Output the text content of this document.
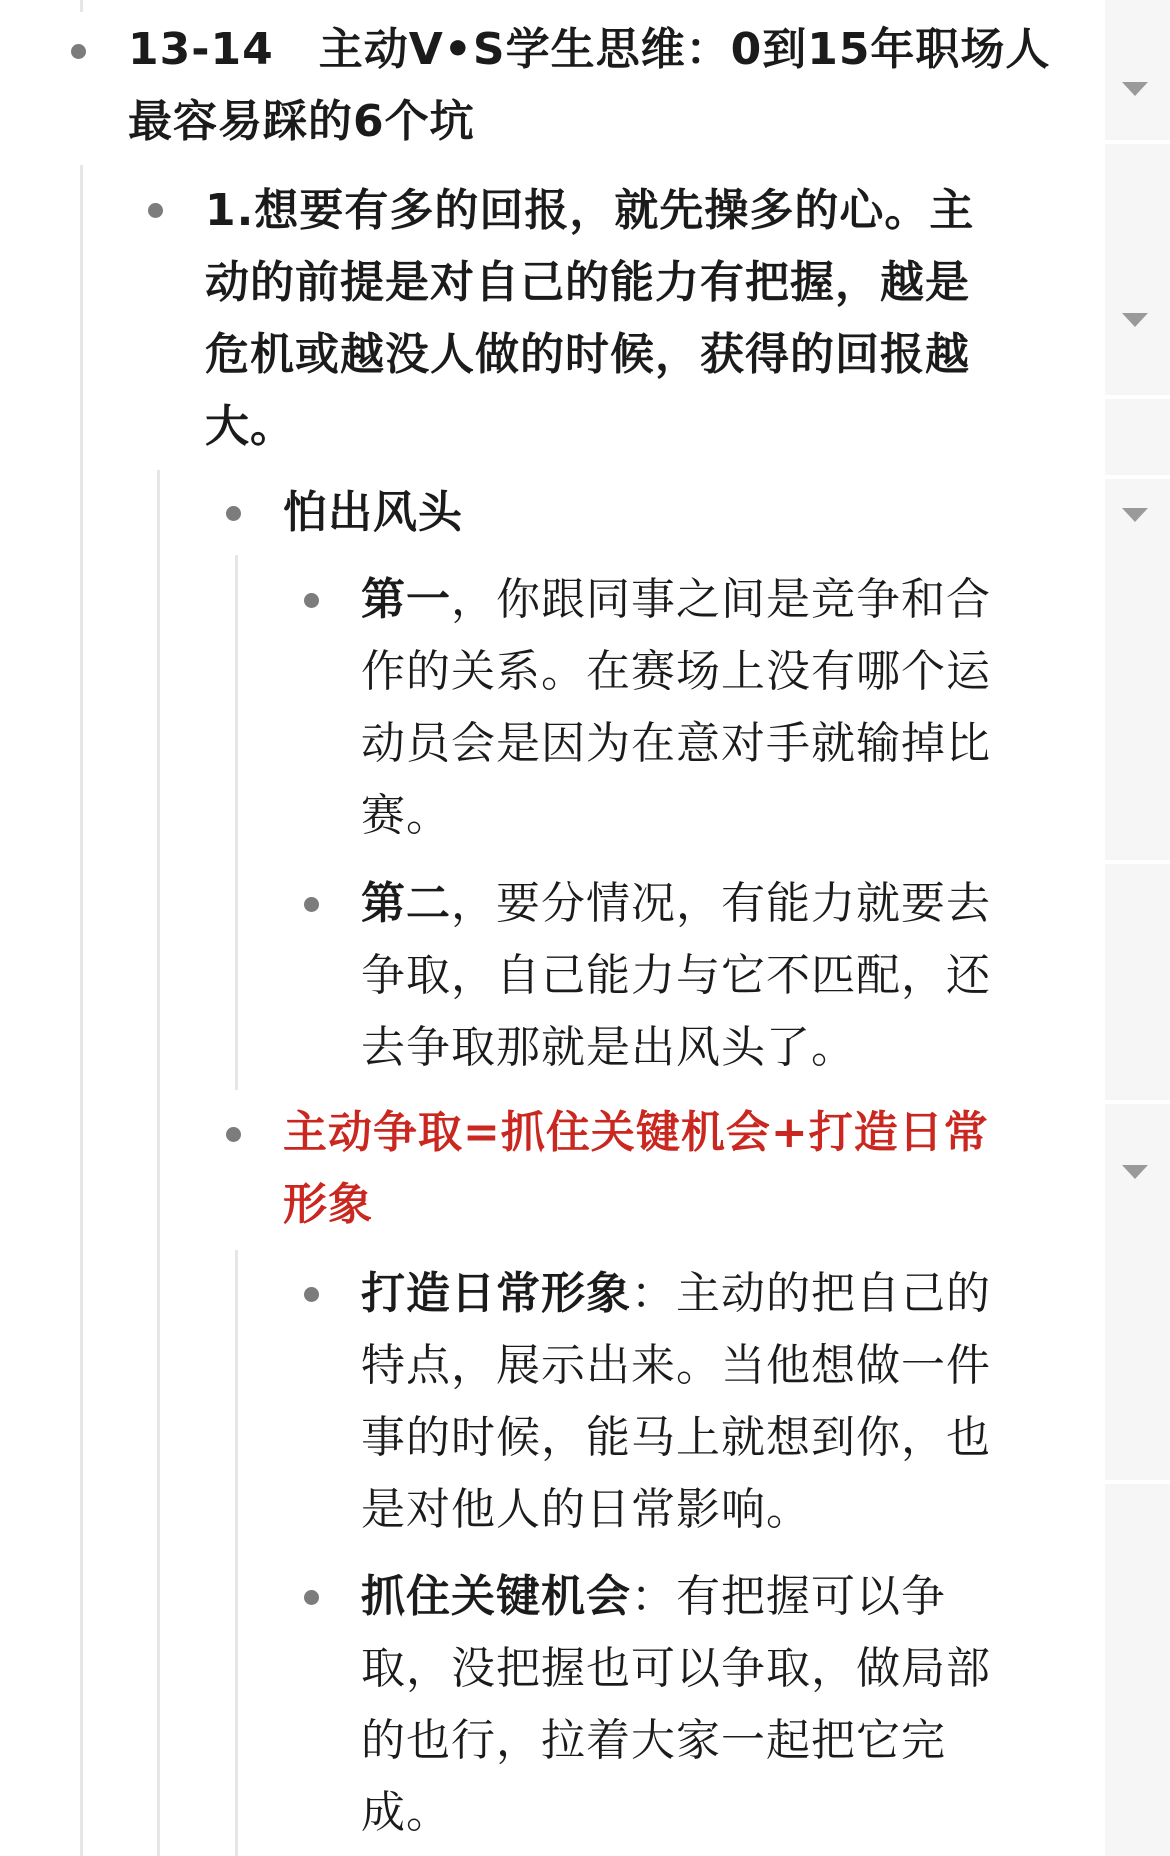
13-14　主动V•S学生思维：0到15年职场人
最容易踩的6个坑
1.想要有多的回报，就先操多的心。主
动的前提是对自己的能力有把握，越是
危机或越没人做的时候，获得的回报越
大。
怕出风头
第一，你跟同事之间是竞争和合
作的关系。在赛场上没有哪个运
动员会是因为在意对手就输掉比
赛。
第二，要分情况，有能力就要去
争取，自己能力与它不匹配，还
去争取那就是出风头了。
主动争取=抓住关键机会+打造日常
形象
打造日常形象：主动的把自己的
特点，展示出来。当他想做一件
事的时候，能马上就想到你，也
是对他人的日常影响。
抓住关键机会：有把握可以争
取，没把握也可以争取，做局部
的也行，拉着大家一起把它完
成。
